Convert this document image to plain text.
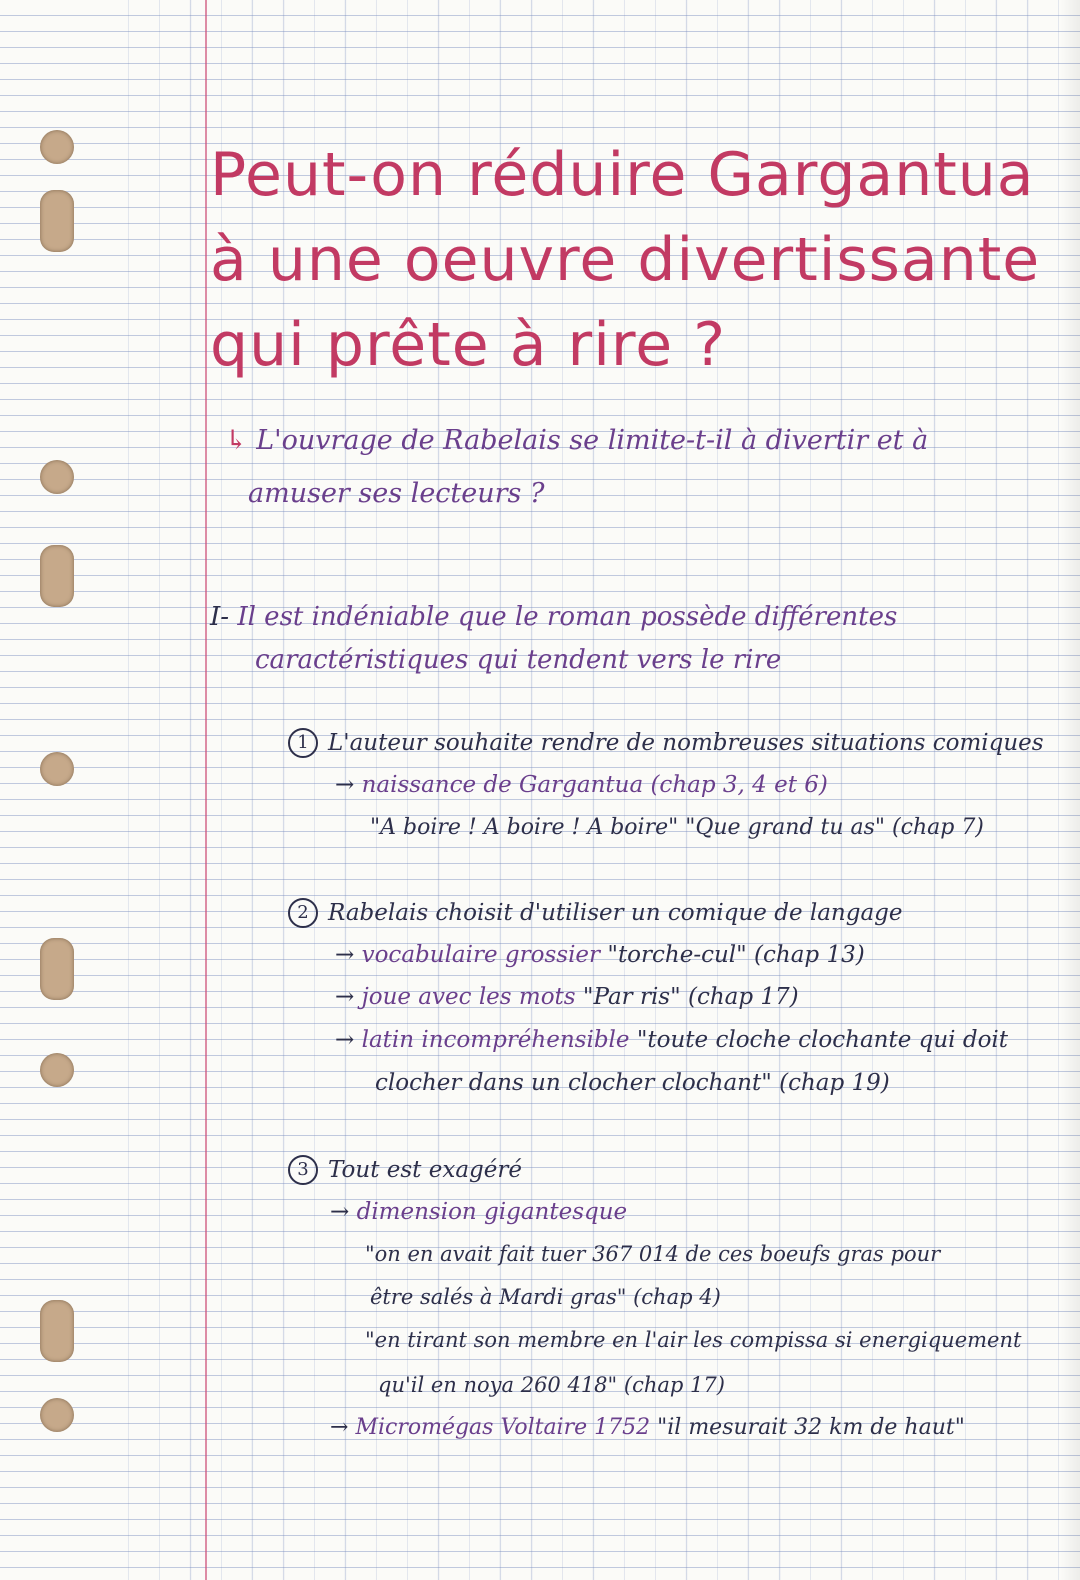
Peut-on réduire Gargantua
à une oeuvre divertissante
qui prête à rire ?
↳ L'ouvrage de Rabelais se limite-t-il à divertir et à
amuser ses lecteurs ?
I- Il est indéniable que le roman possède différentes
caractéristiques qui tendent vers le rire
1 L'auteur souhaite rendre de nombreuses situations comiques
→ naissance de Gargantua (chap 3, 4 et 6)
"A boire ! A boire ! A boire" "Que grand tu as" (chap 7)
2 Rabelais choisit d'utiliser un comique de langage
→ vocabulaire grossier "torche-cul" (chap 13)
→ joue avec les mots "Par ris" (chap 17)
→ latin incompréhensible "toute cloche clochante qui doit
clocher dans un clocher clochant" (chap 19)
3 Tout est exagéré
→ dimension gigantesque
"on en avait fait tuer 367 014 de ces boeufs gras pour
être salés à Mardi gras" (chap 4)
"en tirant son membre en l'air les compissa si energiquement
qu'il en noya 260 418" (chap 17)
→ Micromégas Voltaire 1752 "il mesurait 32 km de haut"
